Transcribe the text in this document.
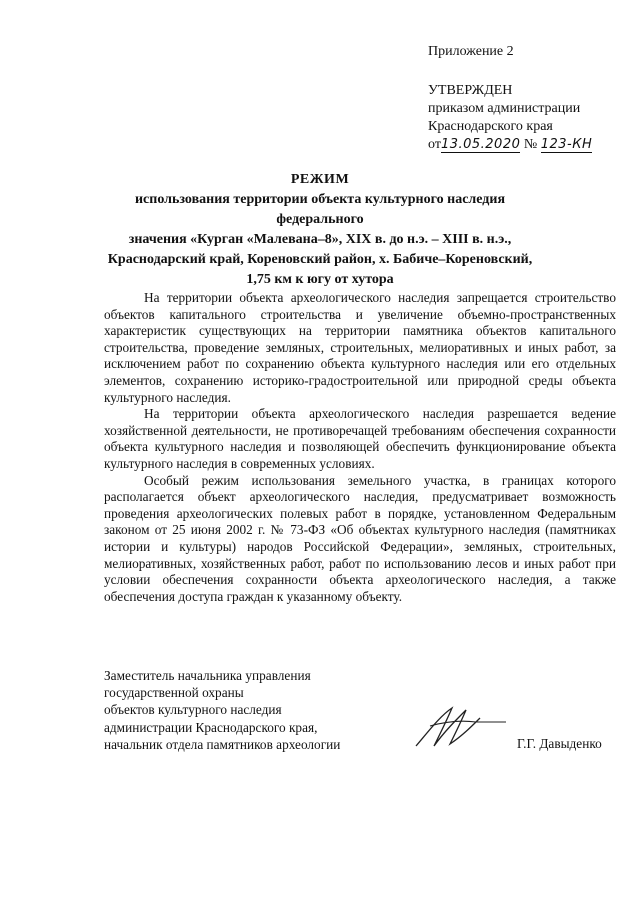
Приложение 2
УТВЕРЖДЕН
приказом администрации
Краснодарского края
от13.05.2020 № 123-КН
РЕЖИМ
использования территории объекта культурного наследия федерального
значения «Курган «Малевана–8», XIX в. до н.э. – XIII в. н.э.,
Краснодарский край, Кореновский район, х. Бабиче–Кореновский,
1,75 км к югу от хутора

На территории объекта археологического наследия запрещается строительство объектов капитального строительства и увеличение объемно-пространственных характеристик существующих на территории памятника объектов капитального строительства, проведение земляных, строительных, мелиоративных и иных работ, за исключением работ по сохранению объекта культурного наследия или его отдельных элементов, сохранению историко-градостроительной или природной среды объекта культурного наследия.

На территории объекта археологического наследия разрешается ведение хозяйственной деятельности, не противоречащей требованиям обеспечения сохранности объекта культурного наследия и позволяющей обеспечить функционирование объекта культурного наследия в современных условиях.

Особый режим использования земельного участка, в границах которого располагается объект археологического наследия, предусматривает возможность проведения археологических полевых работ в порядке, установленном Федеральным законом от 25 июня 2002 г. № 73-ФЗ «Об объектах культурного наследия (памятниках истории и культуры) народов Российской Федерации», земляных, строительных, мелиоративных, хозяйственных работ, работ по использованию лесов и иных работ при условии обеспечения сохранности объекта археологического наследия, а также обеспечения доступа граждан к указанному объекту.

Заместитель начальника управления
государственной охраны
объектов культурного наследия
администрации Краснодарского края,
начальник отдела памятников археологии	Г.Г. Давыденко
